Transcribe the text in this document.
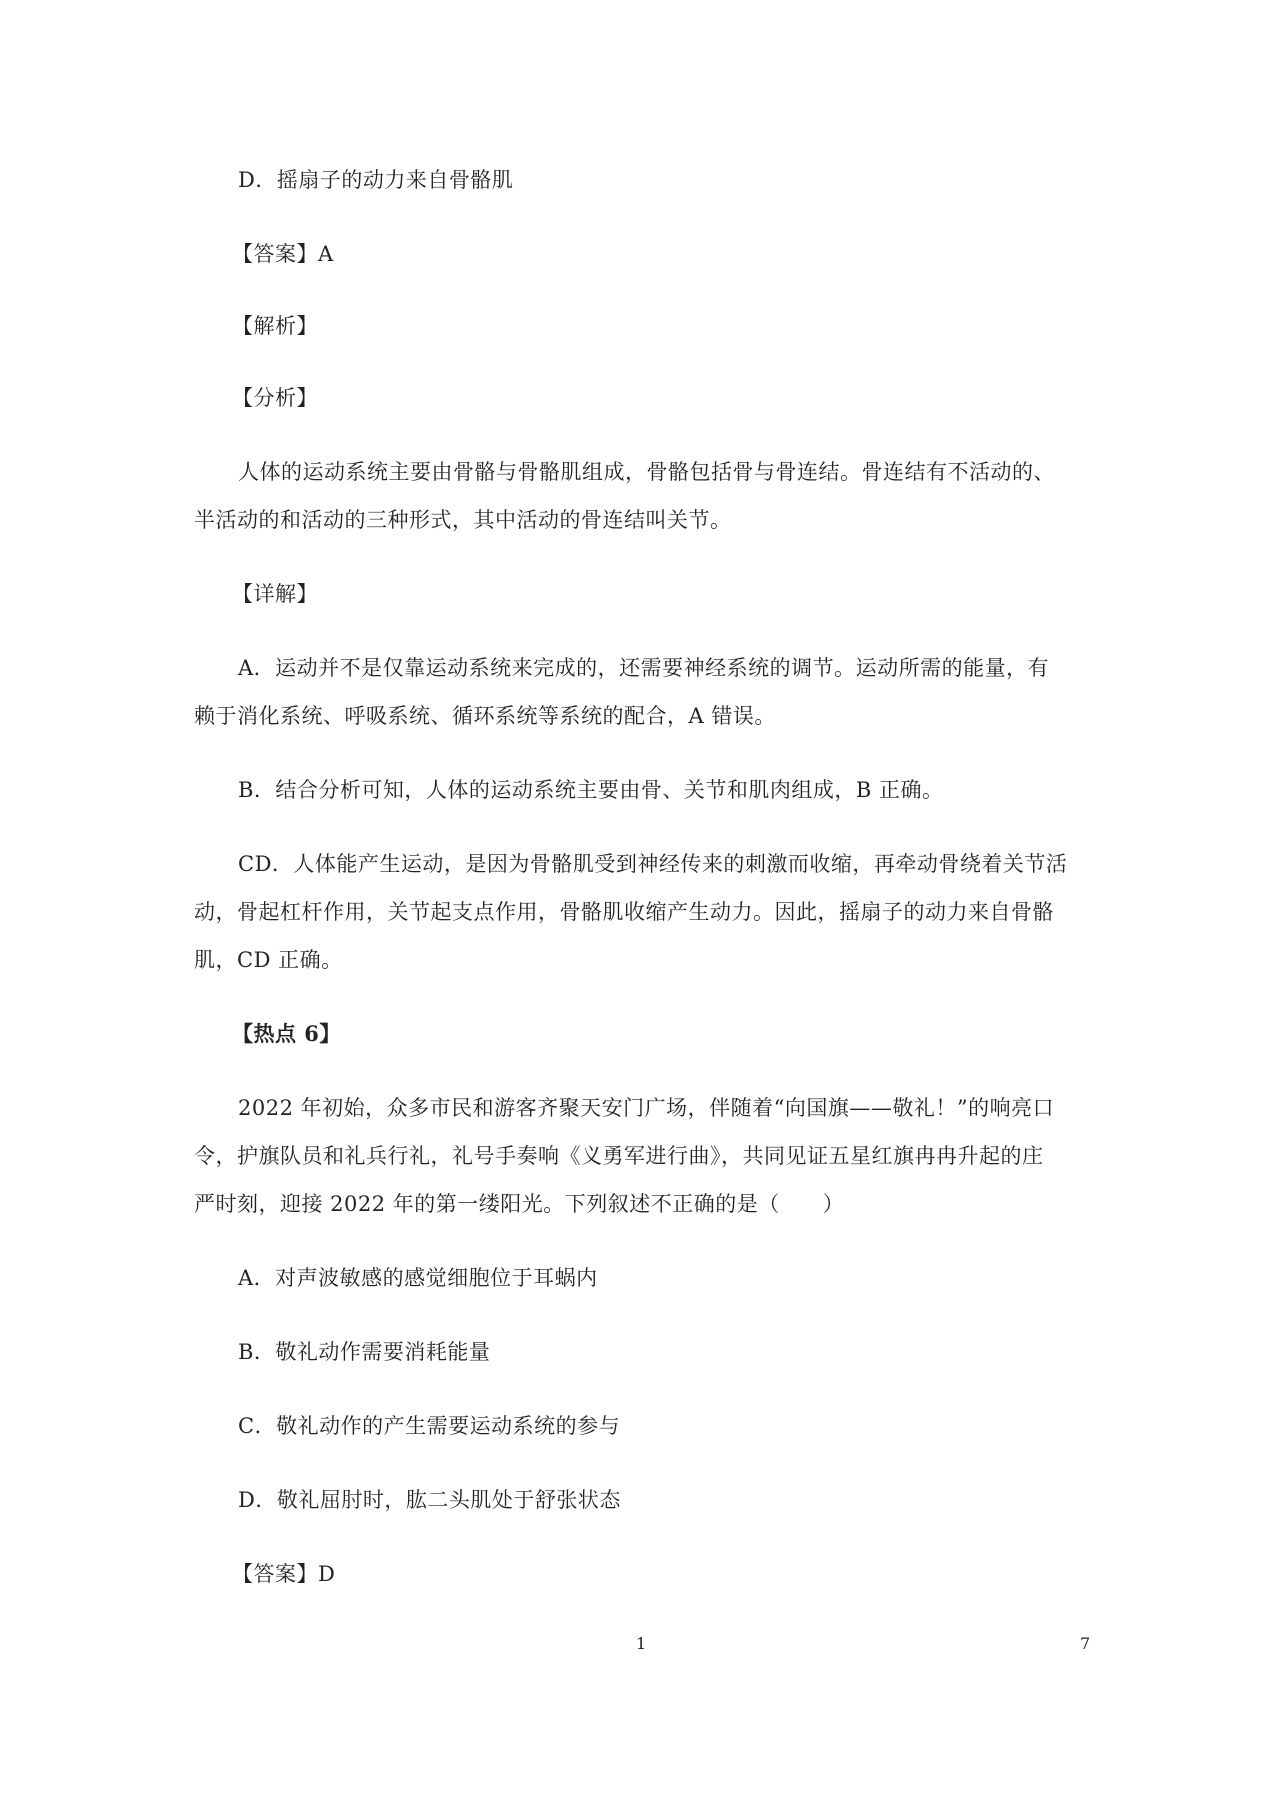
D．摇扇子的动力来自骨骼肌
【答案】A
【解析】
【分析】
人体的运动系统主要由骨骼与骨骼肌组成，骨骼包括骨与骨连结。骨连结有不活动的、
半活动的和活动的三种形式，其中活动的骨连结叫关节。
【详解】
A．运动并不是仅靠运动系统来完成的，还需要神经系统的调节。运动所需的能量，有
赖于消化系统、呼吸系统、循环系统等系统的配合，A 错误。
B．结合分析可知，人体的运动系统主要由骨、关节和肌肉组成，B 正确。
CD．人体能产生运动，是因为骨骼肌受到神经传来的刺激而收缩，再牵动骨绕着关节活
动，骨起杠杆作用，关节起支点作用，骨骼肌收缩产生动力。因此，摇扇子的动力来自骨骼
肌，CD 正确。
【热点 6】
2022 年初始，众多市民和游客齐聚天安门广场，伴随着“向国旗——敬礼！”的响亮口
令，护旗队员和礼兵行礼，礼号手奏响《义勇军进行曲》，共同见证五星红旗冉冉升起的庄
严时刻，迎接 2022 年的第一缕阳光。下列叙述不正确的是（　　）
A．对声波敏感的感觉细胞位于耳蜗内
B．敬礼动作需要消耗能量
C．敬礼动作的产生需要运动系统的参与
D．敬礼屈肘时，肱二头肌处于舒张状态
【答案】D
1	7
